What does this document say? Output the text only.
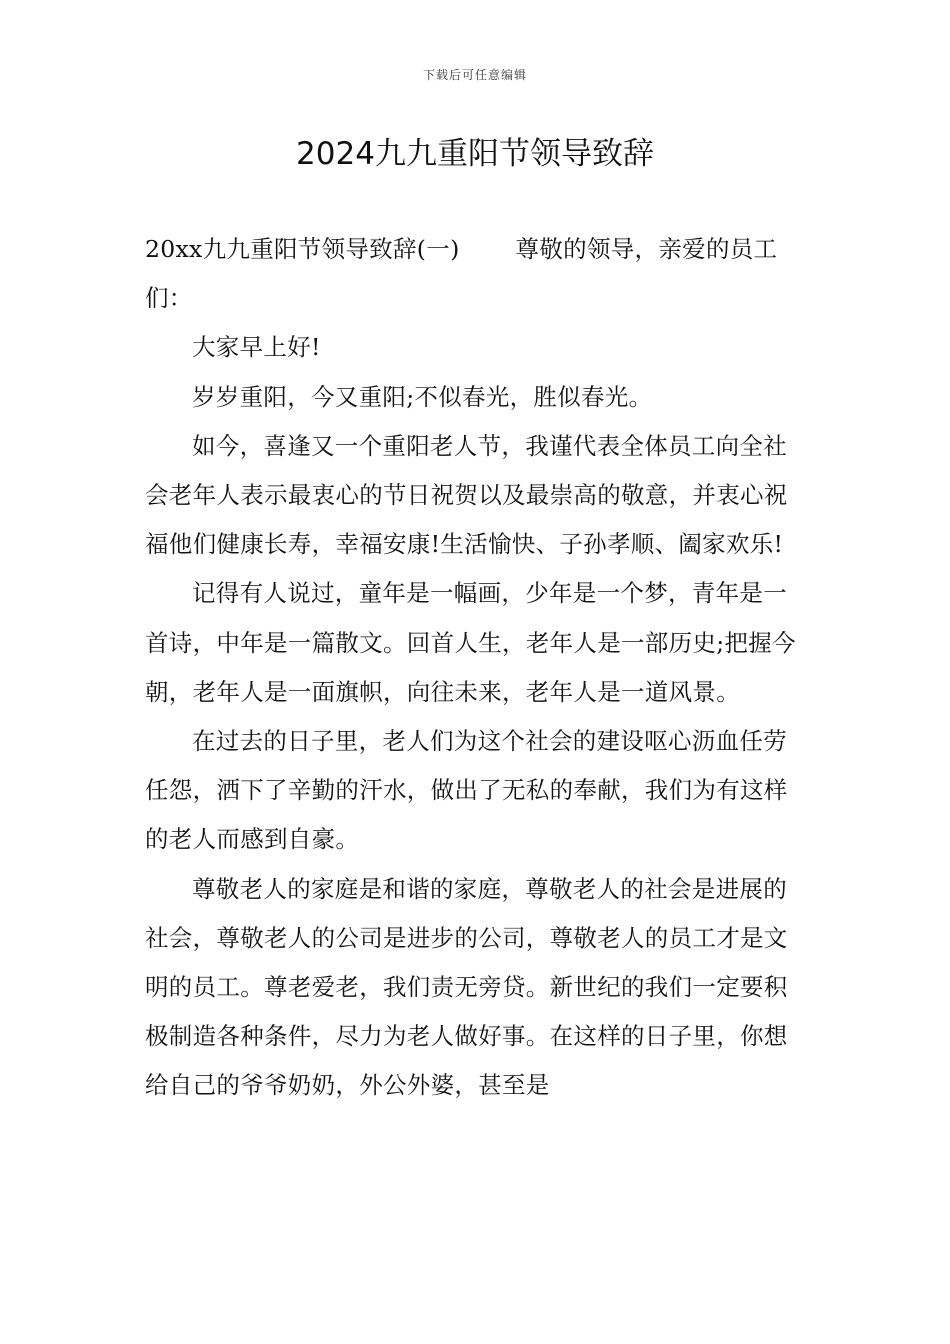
下载后可任意编辑
2024九九重阳节领导致辞

20xx九九重阳节领导致辞(一) 尊敬的领导，亲爱的员工们：

大家早上好!

岁岁重阳，今又重阳;不似春光，胜似春光。

如今，喜逢又一个重阳老人节，我谨代表全体员工向全社会老年人表示最衷心的节日祝贺以及最崇高的敬意，并衷心祝福他们健康长寿，幸福安康!生活愉快、子孙孝顺、阖家欢乐!

记得有人说过，童年是一幅画，少年是一个梦，青年是一首诗，中年是一篇散文。回首人生，老年人是一部历史;把握今朝，老年人是一面旗帜，向往未来，老年人是一道风景。

在过去的日子里，老人们为这个社会的建设呕心沥血任劳任怨，洒下了辛勤的汗水，做出了无私的奉献，我们为有这样的老人而感到自豪。

尊敬老人的家庭是和谐的家庭，尊敬老人的社会是进展的社会，尊敬老人的公司是进步的公司，尊敬老人的员工才是文明的员工。尊老爱老，我们责无旁贷。新世纪的我们一定要积极制造各种条件，尽力为老人做好事。在这样的日子里，你想给自己的爷爷奶奶，外公外婆，甚至是
